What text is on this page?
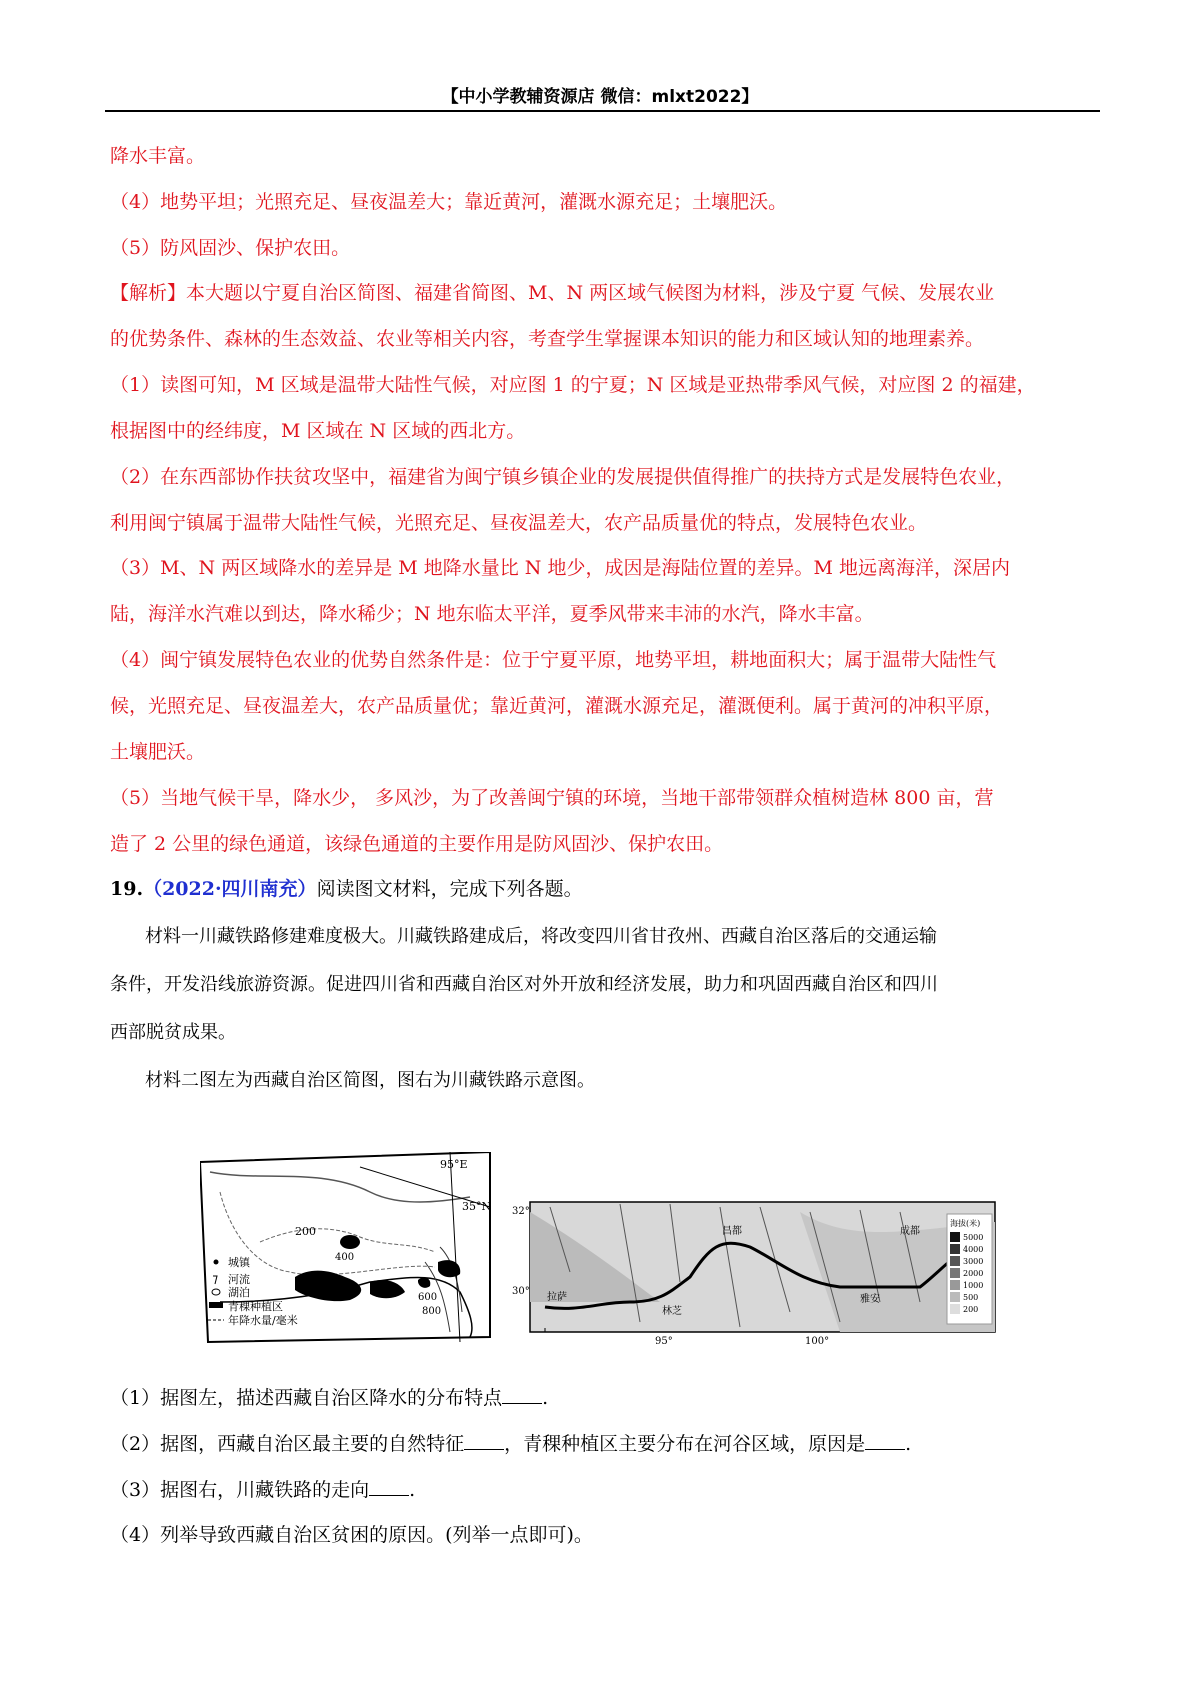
【中小学教辅资源店 微信：mlxt2022】
降水丰富。
（4）地势平坦；光照充足、昼夜温差大；靠近黄河，灌溉水源充足；土壤肥沃。
（5）防风固沙、保护农田。
【解析】本大题以宁夏自治区简图、福建省简图、M、N 两区域气候图为材料，涉及宁夏 气候、发展农业
的优势条件、森林的生态效益、农业等相关内容，考查学生掌握课本知识的能力和区域认知的地理素养。
（1）读图可知，M 区域是温带大陆性气候，对应图 1 的宁夏；N 区域是亚热带季风气候，对应图 2 的福建，
根据图中的经纬度，M 区域在 N 区域的西北方。
（2）在东西部协作扶贫攻坚中，福建省为闽宁镇乡镇企业的发展提供值得推广的扶持方式是发展特色农业，
利用闽宁镇属于温带大陆性气候，光照充足、昼夜温差大，农产品质量优的特点，发展特色农业。
（3）M、N 两区域降水的差异是 M 地降水量比 N 地少，成因是海陆位置的差异。M 地远离海洋，深居内
陆，海洋水汽难以到达，降水稀少；N 地东临太平洋，夏季风带来丰沛的水汽，降水丰富。
（4）闽宁镇发展特色农业的优势自然条件是：位于宁夏平原，地势平坦，耕地面积大；属于温带大陆性气
候，光照充足、昼夜温差大，农产品质量优；靠近黄河，灌溉水源充足，灌溉便利。属于黄河的冲积平原，
土壤肥沃。
（5）当地气候干旱，降水少， 多风沙，为了改善闽宁镇的环境，当地干部带领群众植树造林 800 亩，营
造了 2 公里的绿色通道，该绿色通道的主要作用是防风固沙、保护农田。
19.（2022·四川南充）阅读图文材料，完成下列各题。
材料一川藏铁路修建难度极大。川藏铁路建成后，将改变四川省甘孜州、西藏自治区落后的交通运输
条件，开发沿线旅游资源。促进四川省和西藏自治区对外开放和经济发展，助力和巩固西藏自治区和四川
西部脱贫成果。
材料二图左为西藏自治区简图，图右为川藏铁路示意图。
95°E
35°N
200
400
600
800
城镇
河流
湖泊
青稞种植区
年降水量/毫米
拉萨
林芝
昌都
雅安
成都
30°
32°
95°	100°
海拔(米)
5000
4000
3000
2000
1000
500
200
（1）据图左，描述西藏自治区降水的分布特点 .
（2）据图，西藏自治区最主要的自然特征 ，青稞种植区主要分布在河谷区域，原因是 .
（3）据图右，川藏铁路的走向 .
（4）列举导致西藏自治区贫困的原因。(列举一点即可)。
